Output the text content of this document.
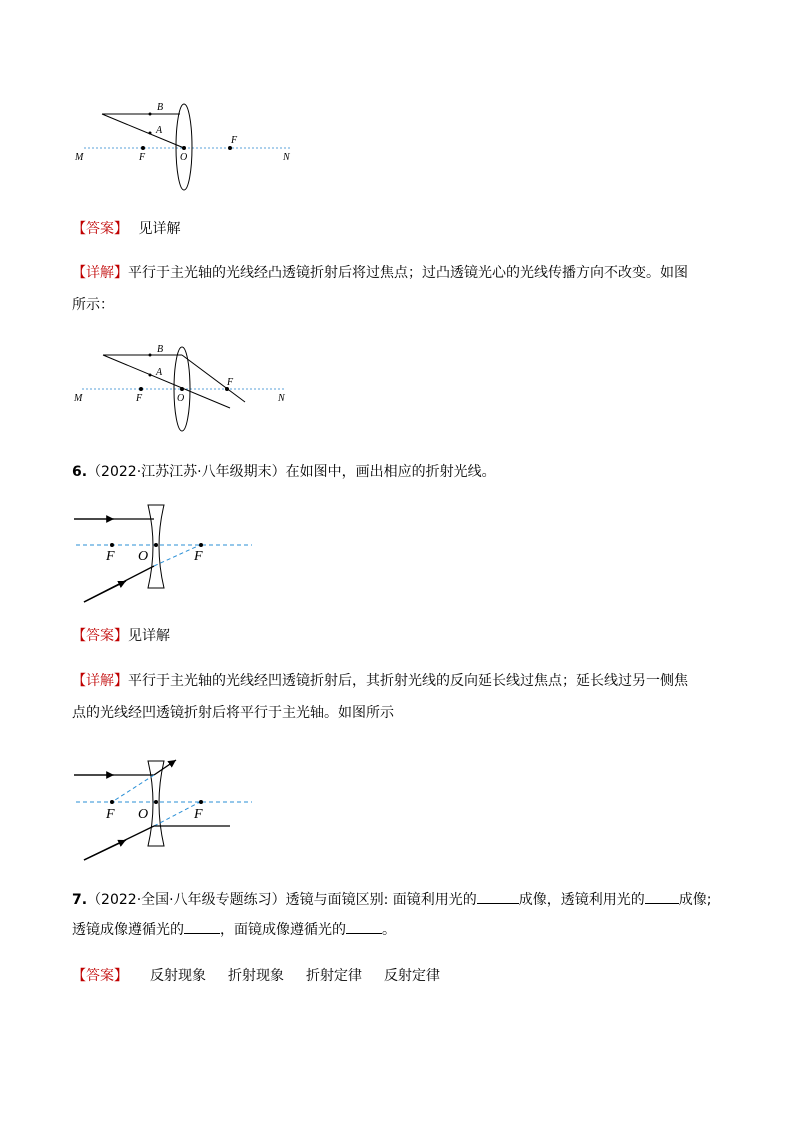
B
A
M	F	O
F
N
【答案】 见详解
【详解】平行于主光轴的光线经凸透镜折射后将过焦点；过凸透镜光心的光线传播方向不改变。如图
所示：
B
A
M	F	O
F
N
6.（2022·江苏江苏·八年级期末）在如图中，画出相应的折射光线。
F O	F
【答案】见详解
【详解】平行于主光轴的光线经凹透镜折射后，其折射光线的反向延长线过焦点；延长线过另一侧焦
点的光线经凹透镜折射后将平行于主光轴。如图所示
F O	F
7.（2022·全国·八年级专题练习）透镜与面镜区别: 面镜利用光的	成像，透镜利用光的 成像;
透镜成像遵循光的	，面镜成像遵循光的	。
【答案】 反射现象 折射现象 折射定律 反射定律
